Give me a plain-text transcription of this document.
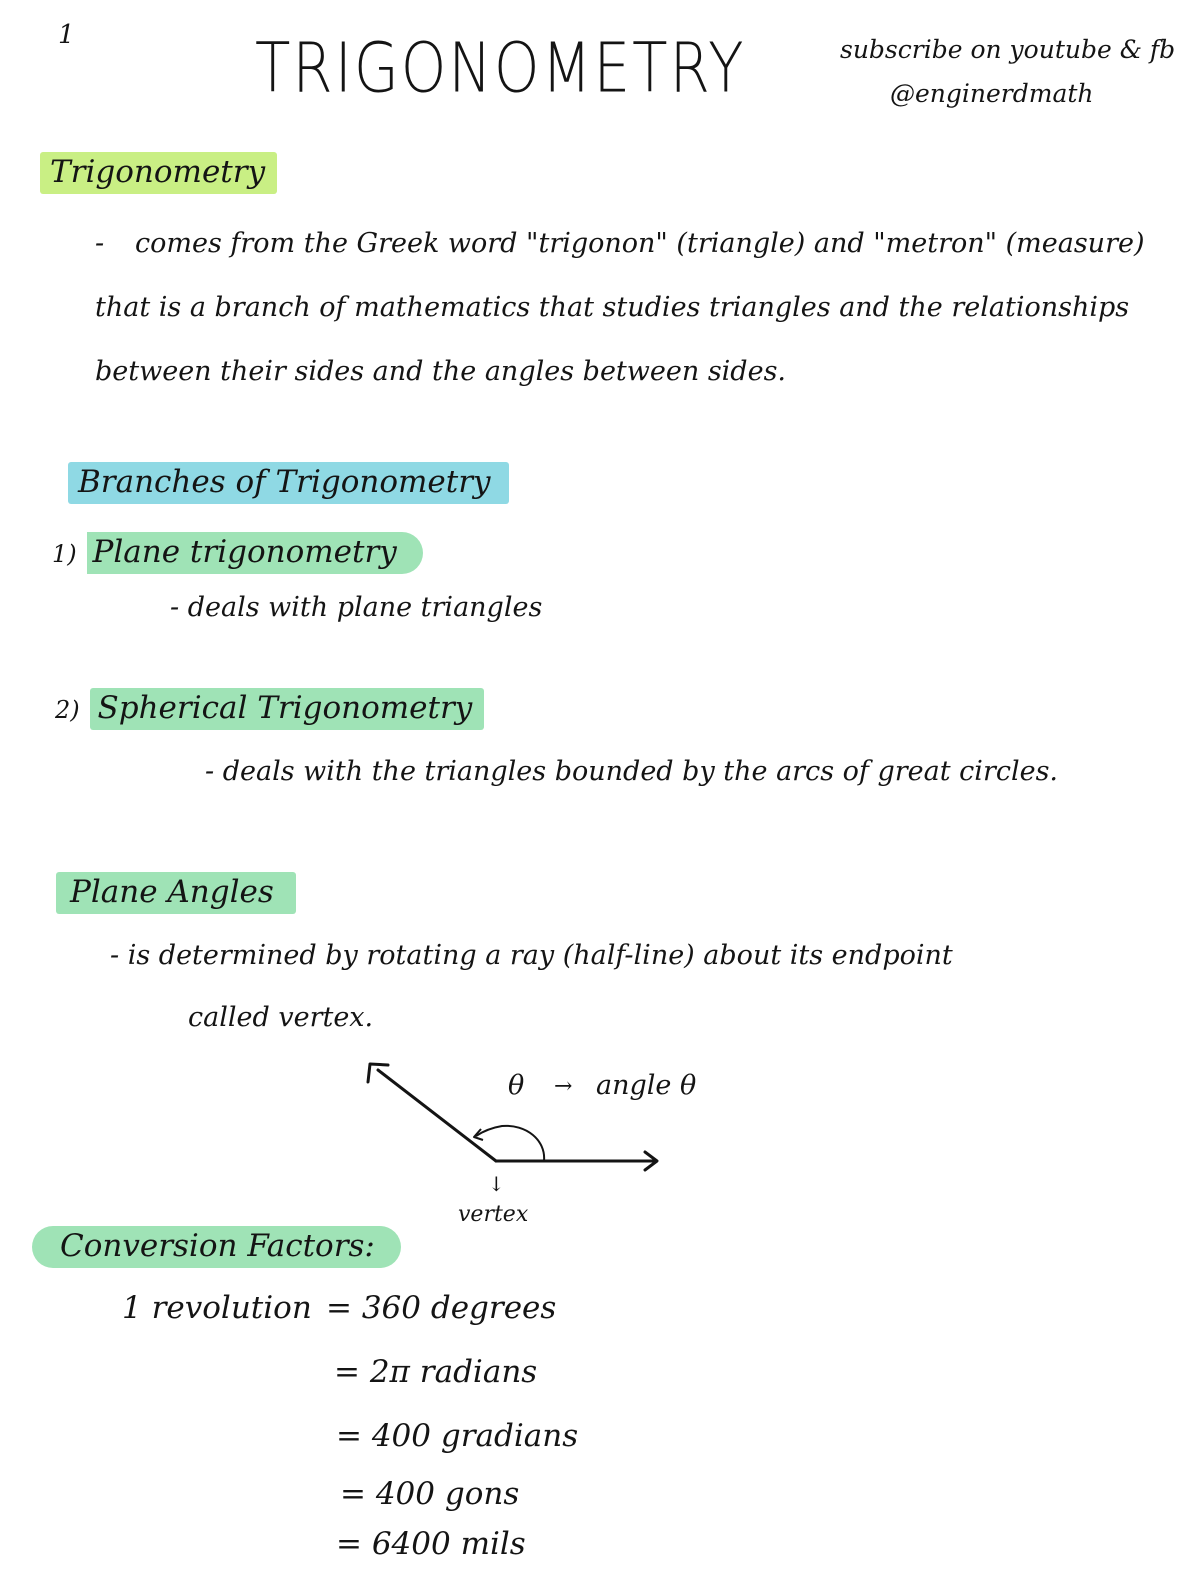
1	TRIGONOMETRY	subscribe on youtube & fb
@enginerdmath
Trigonometry
- comes from the Greek word "trigonon" (triangle) and "metron" (measure) that is a branch of mathematics that studies triangles and the relationships between their sides and the angles between sides.
Branches of Trigonometry
1) Plane trigonometry
- deals with plane triangles
2) Spherical Trigonometry
- deals with the triangles bounded by the arcs of great circles.
Plane Angles
- is determined by rotating a ray (half-line) about its endpoint
called vertex.
θ → angle θ
↓
vertex
Conversion Factors:
1 revolution = 360 degrees
= 2π radians
= 400 gradians
= 400 gons
= 6400 mils
